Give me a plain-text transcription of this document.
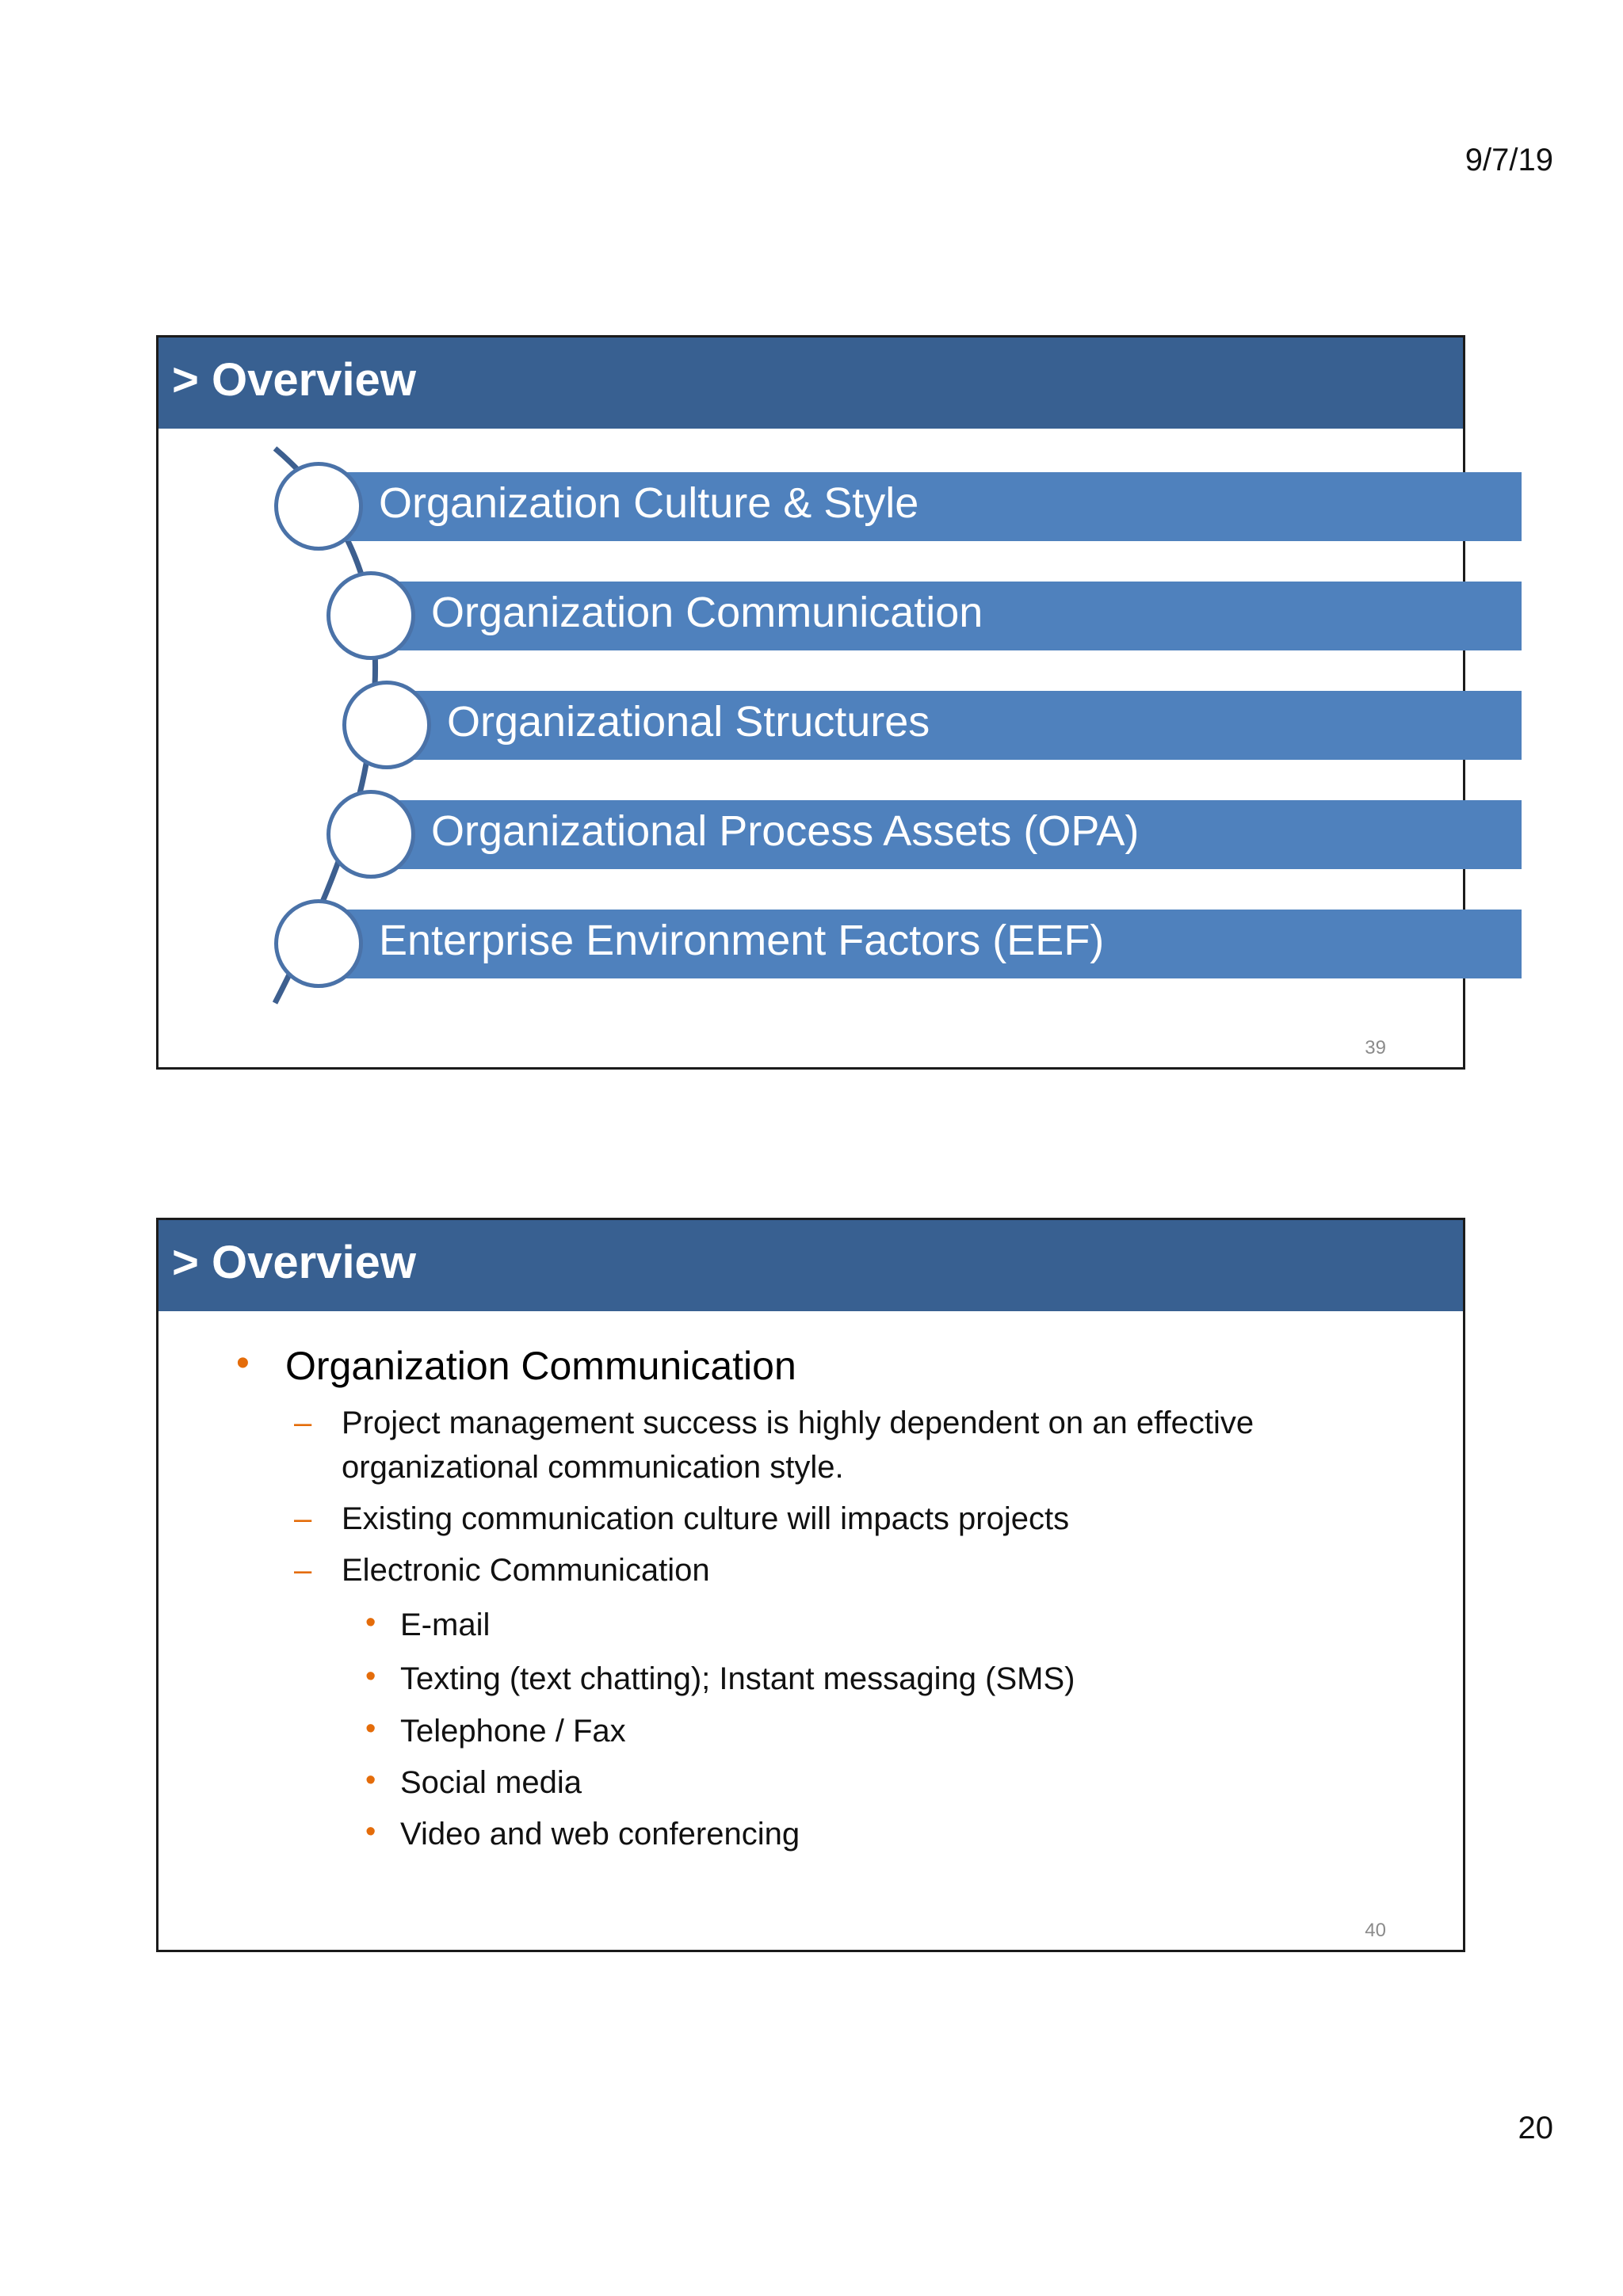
9/7/19
> Overview
Organization Culture & Style
Organization Communication
Organizational Structures
Organizational Process Assets (OPA)
Enterprise Environment Factors (EEF)
39
> Overview
• Organization Communication
– Project management success is highly dependent on an effective organizational communication style.
– Existing communication culture will impacts projects
– Electronic Communication
• E-mail
• Texting (text chatting); Instant messaging (SMS)
• Telephone / Fax
• Social media
• Video and web conferencing
40
20
